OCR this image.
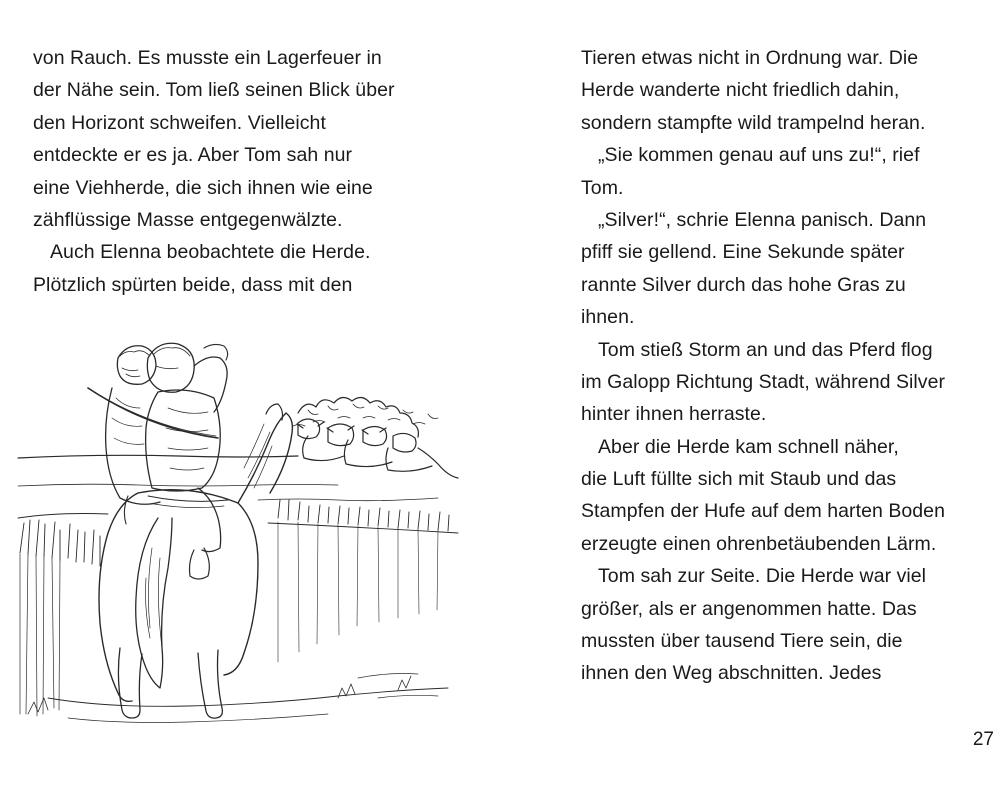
von Rauch. Es musste ein Lagerfeuer in
der Nähe sein. Tom ließ seinen Blick über
den Horizont schweifen. Vielleicht
entdeckte er es ja. Aber Tom sah nur
eine Viehherde, die sich ihnen wie eine
zähflüssige Masse entgegenwälzte.
Auch Elenna beobachtete die Herde.
Plötzlich spürten beide, dass mit den
Tieren etwas nicht in Ordnung war. Die
Herde wanderte nicht friedlich dahin,
sondern stampfte wild trampelnd heran.
„Sie kommen genau auf uns zu!“, rief
Tom.
„Silver!“, schrie Elenna panisch. Dann
pfiff sie gellend. Eine Sekunde später
rannte Silver durch das hohe Gras zu
ihnen.
Tom stieß Storm an und das Pferd flog
im Galopp Richtung Stadt, während Silver
hinter ihnen herraste.
Aber die Herde kam schnell näher,
die Luft füllte sich mit Staub und das
Stampfen der Hufe auf dem harten Boden
erzeugte einen ohrenbetäubenden Lärm.
Tom sah zur Seite. Die Herde war viel
größer, als er angenommen hatte. Das
mussten über tausend Tiere sein, die
ihnen den Weg abschnitten. Jedes
27
